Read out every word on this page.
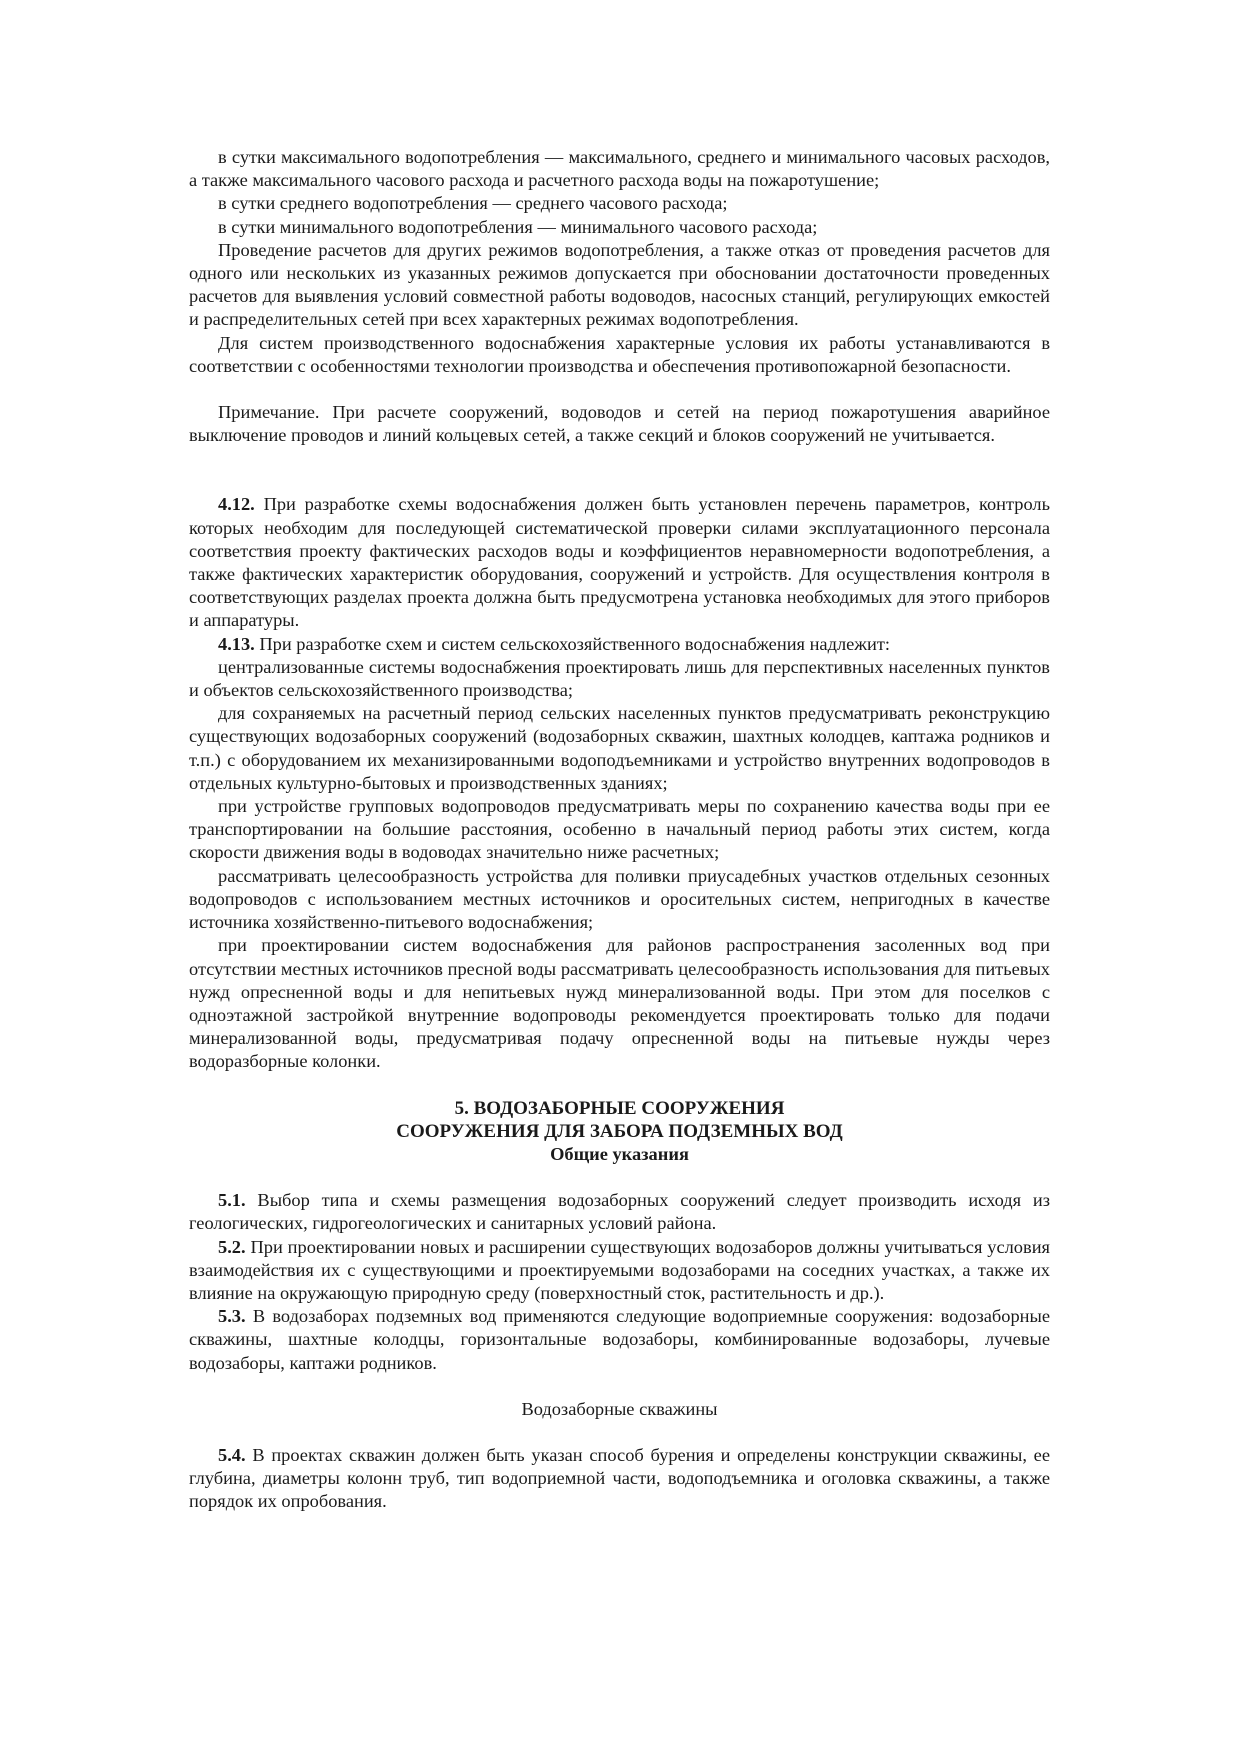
в сутки максимального водопотребления — максимального, среднего и минимального часовых расходов, а также максимального часового расхода и расчетного расхода воды на пожаротушение;

в сутки среднего водопотребления — среднего часового расхода;

в сутки минимального водопотребления — минимального часового расхода;

Проведение расчетов для других режимов водопотребления, а также отказ от проведения расчетов для одного или нескольких из указанных режимов допускается при обосновании достаточности проведенных расчетов для выявления условий совместной работы водоводов, насосных станций, регулирующих емкостей и распределительных сетей при всех характерных режимах водопотребления.

Для систем производственного водоснабжения характерные условия их работы устанавливаются в соответствии с особенностями технологии производства и обеспечения противопожарной безопасности.

Примечание. При расчете сооружений, водоводов и сетей на период пожаротушения аварийное выключение проводов и линий кольцевых сетей, а также секций и блоков сооружений не учитывается.

4.12. При разработке схемы водоснабжения должен быть установлен перечень параметров, контроль которых необходим для последующей систематической проверки силами эксплуатационного персонала соответствия проекту фактических расходов воды и коэффициентов неравномерности водопотребления, а также фактических характеристик оборудования, сооружений и устройств. Для осуществления контроля в соответствующих разделах проекта должна быть предусмотрена установка необходимых для этого приборов и аппаратуры.

4.13. При разработке схем и систем сельскохозяйственного водоснабжения надлежит:

централизованные системы водоснабжения проектировать лишь для перспективных населенных пунктов и объектов сельскохозяйственного производства;

для сохраняемых на расчетный период сельских населенных пунктов предусматривать реконструкцию существующих водозаборных сооружений (водозаборных скважин, шахтных колодцев, каптажа родников и т.п.) с оборудованием их механизированными водоподъемниками и устройство внутренних водопроводов в отдельных культурно-бытовых и производственных зданиях;

при устройстве групповых водопроводов предусматривать меры по сохранению качества воды при ее транспортировании на большие расстояния, особенно в начальный период работы этих систем, когда скорости движения воды в водоводах значительно ниже расчетных;

рассматривать целесообразность устройства для поливки приусадебных участков отдельных сезонных водопроводов с использованием местных источников и оросительных систем, непригодных в качестве источника хозяйственно-питьевого водоснабжения;

при проектировании систем водоснабжения для районов распространения засоленных вод при отсутствии местных источников пресной воды рассматривать целесообразность использования для питьевых нужд опресненной воды и для непитьевых нужд минерализованной воды. При этом для поселков с одноэтажной застройкой внутренние водопроводы рекомендуется проектировать только для подачи минерализованной воды, предусматривая подачу опресненной воды на питьевые нужды через водоразборные колонки.

5. ВОДОЗАБОРНЫЕ СООРУЖЕНИЯ

СООРУЖЕНИЯ ДЛЯ ЗАБОРА ПОДЗЕМНЫХ ВОД

Общие указания

5.1. Выбор типа и схемы размещения водозаборных сооружений следует производить исходя из геологических, гидрогеологических и санитарных условий района.

5.2. При проектировании новых и расширении существующих водозаборов должны учитываться условия взаимодействия их с существующими и проектируемыми водозаборами на соседних участках, а также их влияние на окружающую природную среду (поверхностный сток, растительность и др.).

5.3. В водозаборах подземных вод применяются следующие водоприемные сооружения: водозаборные скважины, шахтные колодцы, горизонтальные водозаборы, комбинированные водозаборы, лучевые водозаборы, каптажи родников.

Водозаборные скважины

5.4. В проектах скважин должен быть указан способ бурения и определены конструкции скважины, ее глубина, диаметры колонн труб, тип водоприемной части, водоподъемника и оголовка скважины, а также порядок их опробования.
